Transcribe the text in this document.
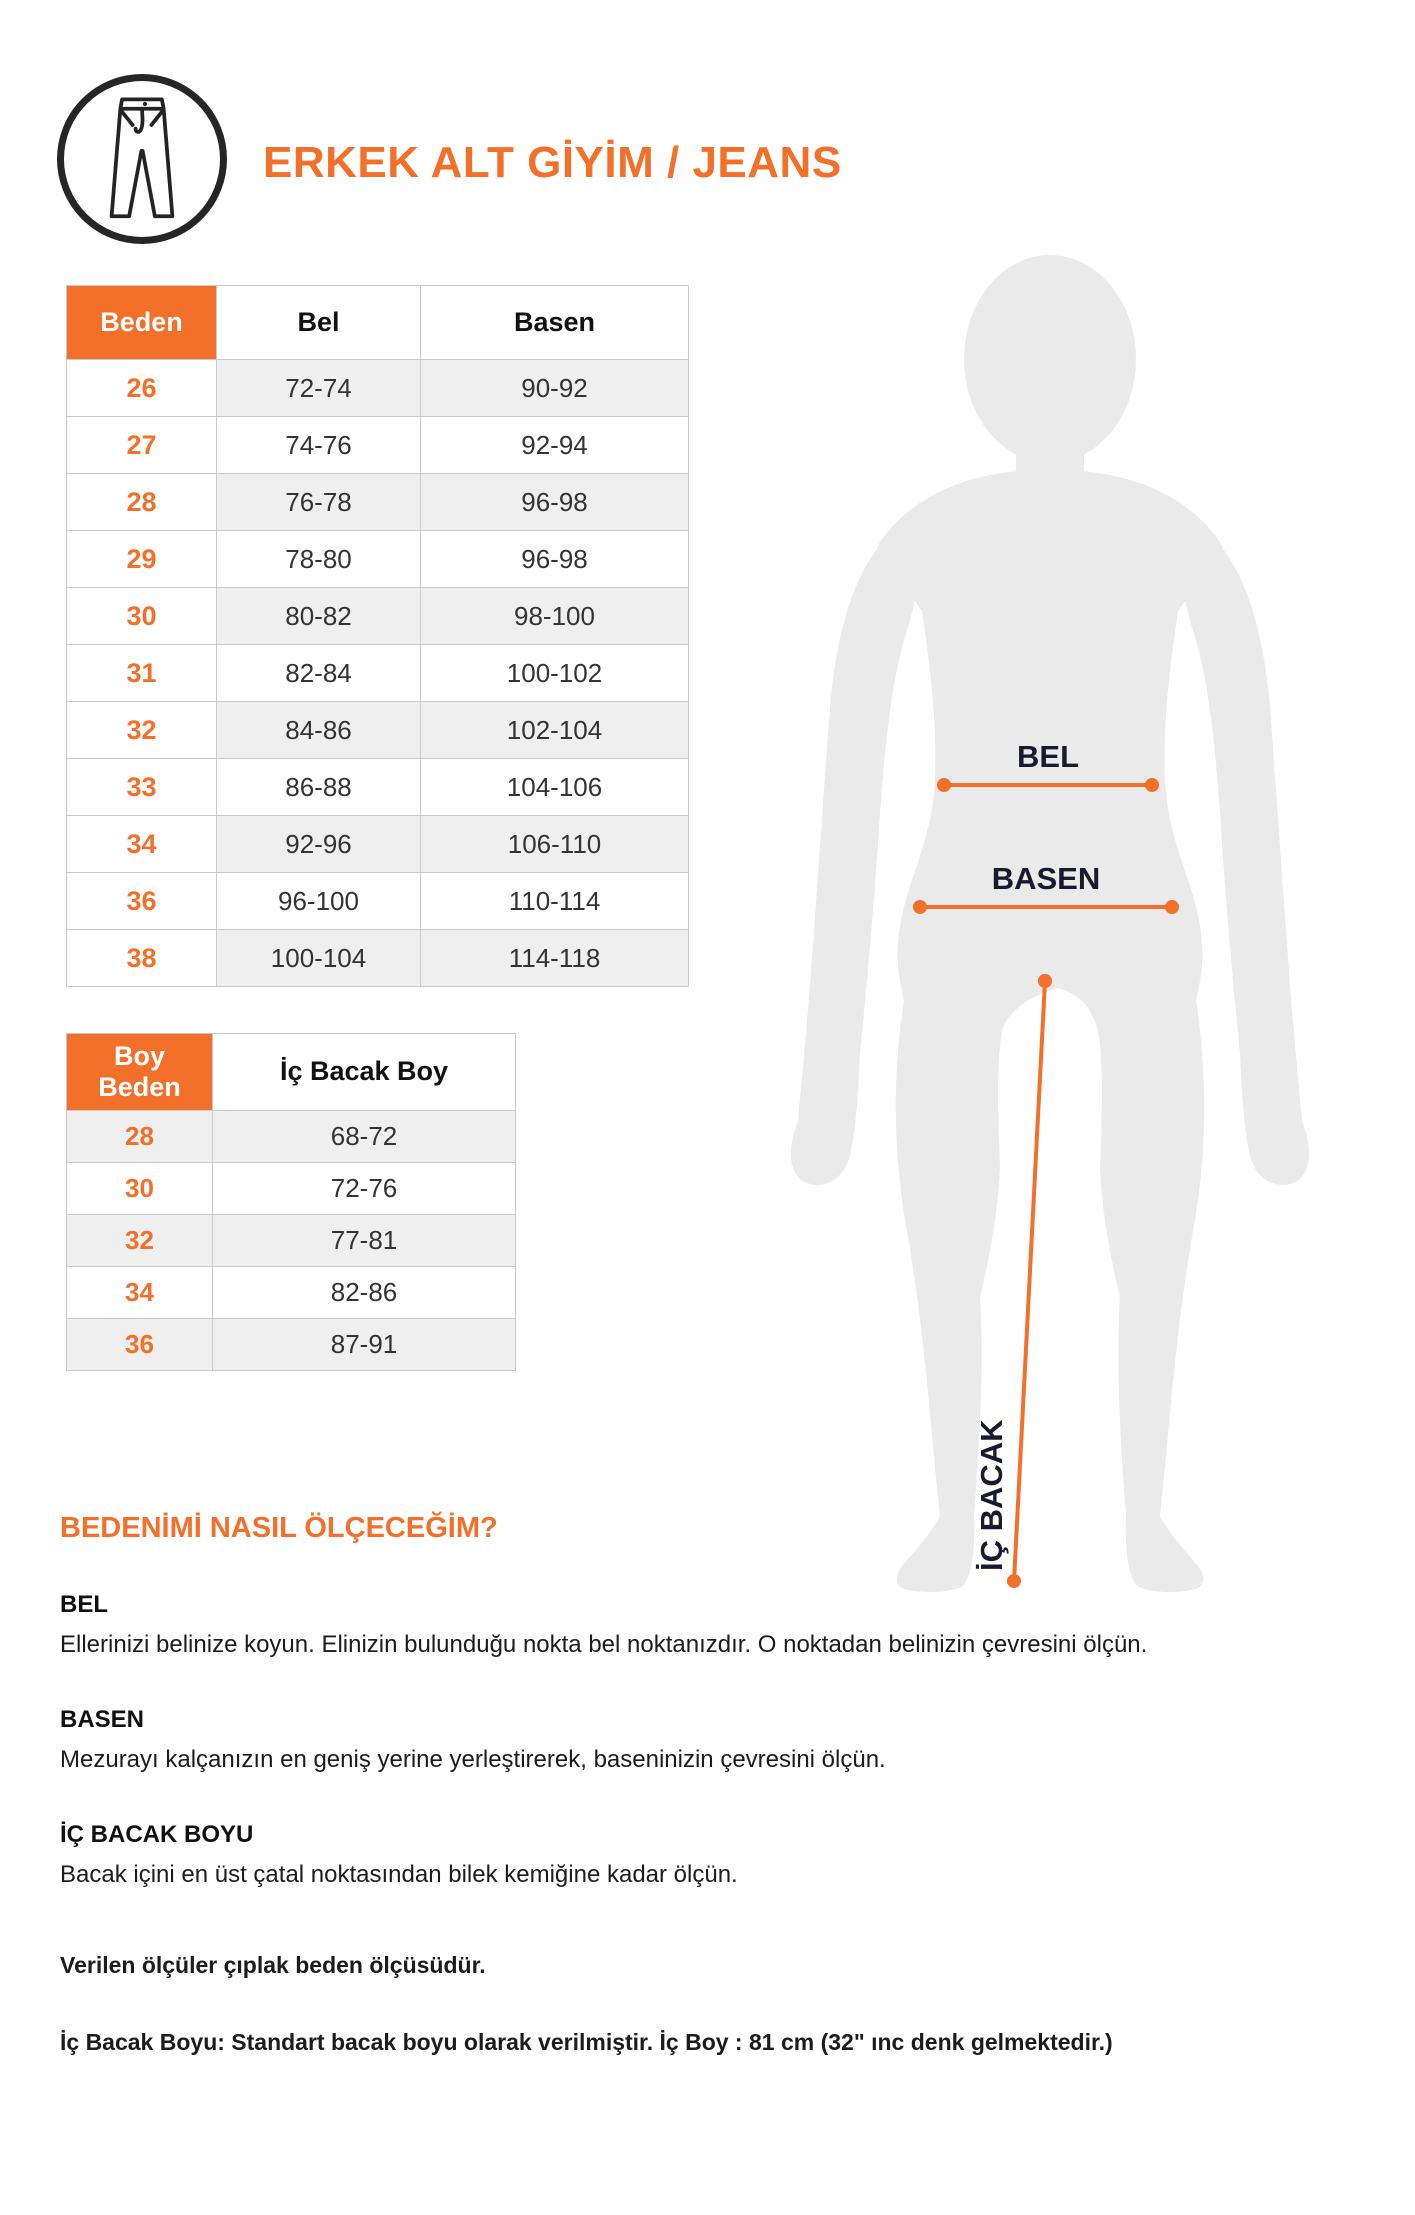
ERKEK ALT GİYİM / JEANS
Beden	Bel	Basen
26	72-74	90-92
27	74-76	92-94
28	76-78	96-98
29	78-80	96-98
30	80-82	98-100
31	82-84	100-102
32	84-86	102-104
33	86-88	104-106
34	92-96	106-110
36	96-100	110-114
38	100-104	114-118
Boy Beden	İç Bacak Boy
28	68-72
30	72-76
32	77-81
34	82-86
36	87-91
BEL
BASEN
İÇ BACAK
BEDENİMİ NASIL ÖLÇECEĞİM?
BEL

Ellerinizi belinize koyun. Elinizin bulunduğu nokta bel noktanızdır. O noktadan belinizin çevresini ölçün.

BASEN

Mezurayı kalçanızın en geniş yerine yerleştirerek, baseninizin çevresini ölçün.

İÇ BACAK BOYU

Bacak içini en üst çatal noktasından bilek kemiğine kadar ölçün.

Verilen ölçüler çıplak beden ölçüsüdür.

İç Bacak Boyu: Standart bacak boyu olarak verilmiştir. İç Boy : 81 cm (32" ınc denk gelmektedir.)
